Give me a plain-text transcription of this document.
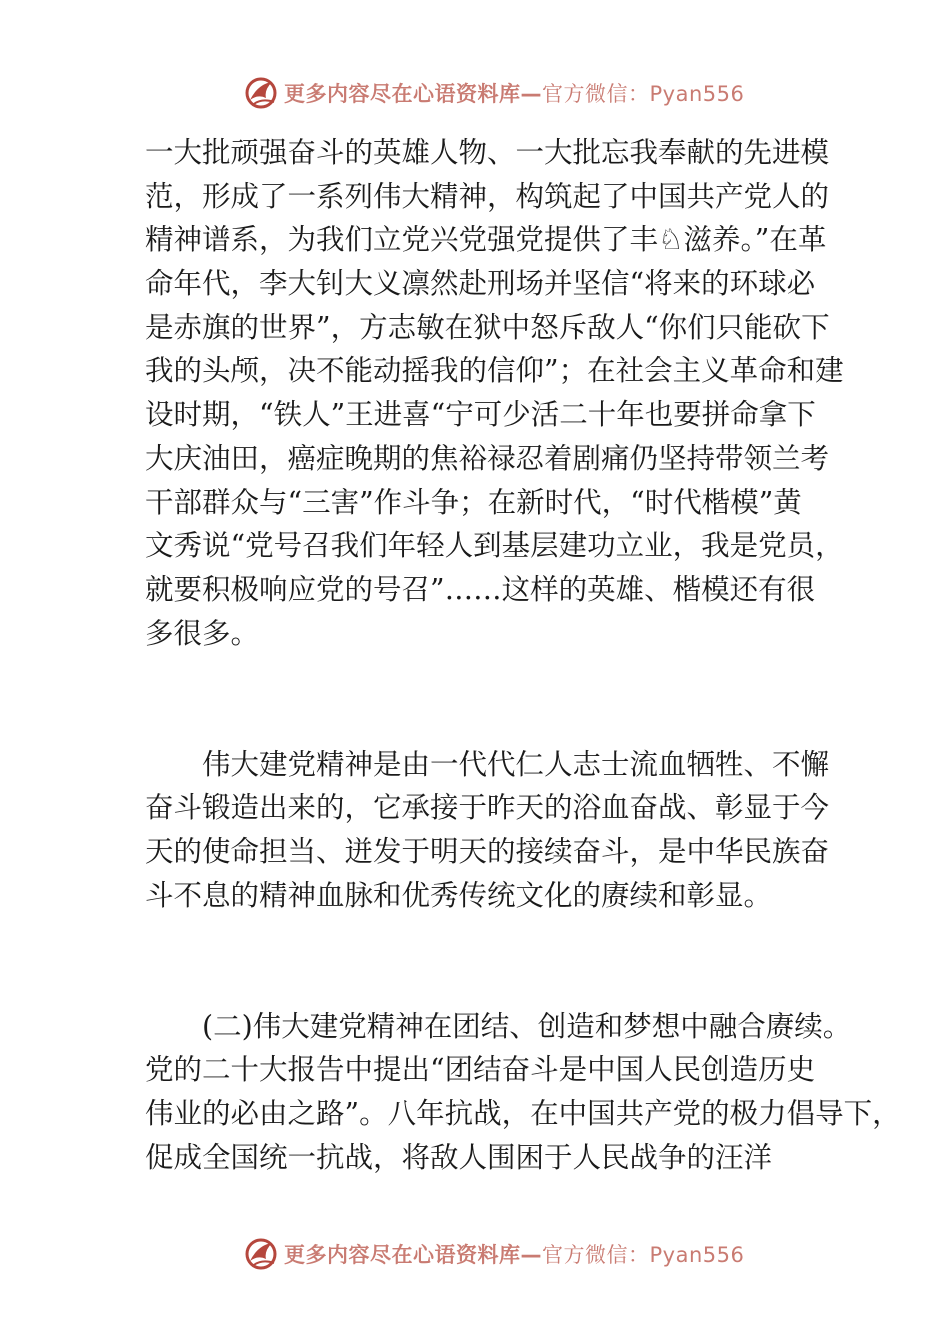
更多内容尽在心语资料库— 官方微信：Pyan556
一大批顽强奋斗的英雄人物、一大批忘我奉献的先进模
范，形成了一系列伟大精神，构筑起了中国共产党人的
精神谱系，为我们立党兴党强党提供了丰♘滋养。”在革
命年代，李大钊大义凛然赴刑场并坚信“将来的环球必
是赤旗的世界”，方志敏在狱中怒斥敌人“你们只能砍下
我的头颅，决不能动摇我的信仰”；在社会主义革命和建
设时期，“铁人”王进喜“宁可少活二十年也要拼命拿下
大庆油田，癌症晚期的焦裕禄忍着剧痛仍坚持带领兰考
干部群众与“三害”作斗争；在新时代，“时代楷模”黄
文秀说“党号召我们年轻人到基层建功立业，我是党员，
就要积极响应党的号召”……这样的英雄、楷模还有很
多很多。
伟大建党精神是由一代代仁人志士流血牺牲、不懈
奋斗锻造出来的，它承接于昨天的浴血奋战、彰显于今
天的使命担当、迸发于明天的接续奋斗，是中华民族奋
斗不息的精神血脉和优秀传统文化的赓续和彰显。
(二)伟大建党精神在团结、创造和梦想中融合赓续。
党的二十大报告中提出“团结奋斗是中国人民创造历史
伟业的必由之路”。八年抗战，在中国共产党的极力倡导下，
促成全国统一抗战，将敌人围困于人民战争的汪洋
更多内容尽在心语资料库— 官方微信：Pyan556
